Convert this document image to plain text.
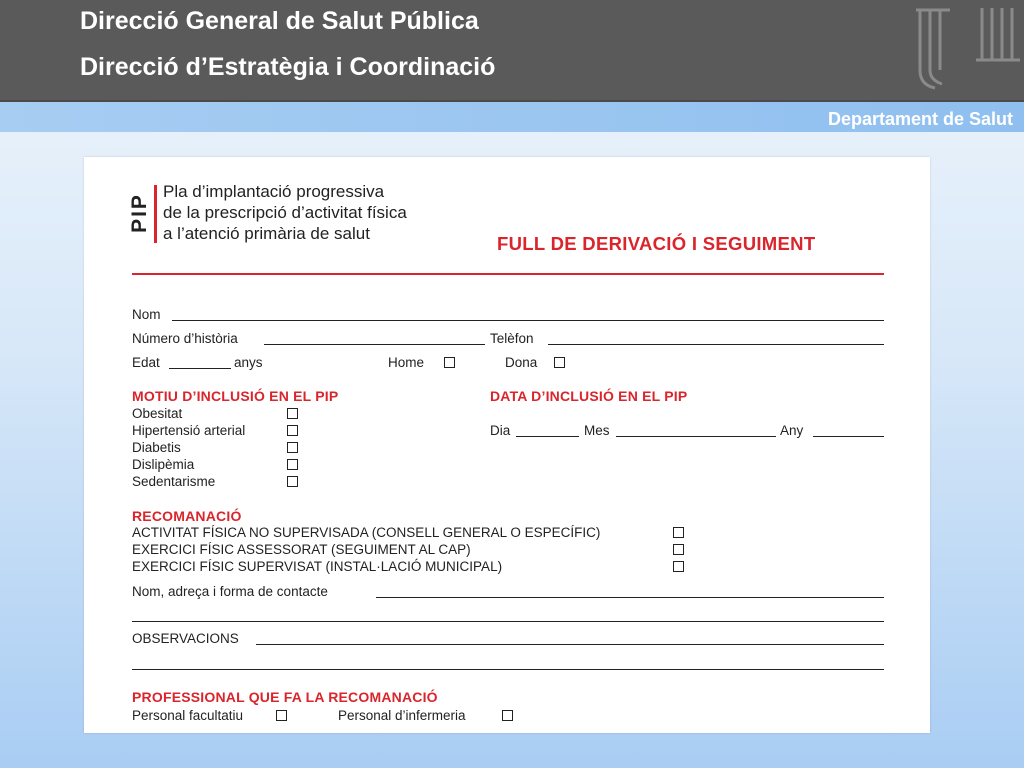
Direcció General de Salut Pública
Direcció d’Estratègia i Coordinació
Departament de Salut
PIP
Pla d’implantació progressiva
de la prescripció d’activitat física
a l’atenció primària de salut	FULL DE DERIVACIÓ I SEGUIMENT
Nom
Número d’història	Telèfon
Edat	anys	Home	Dona
MOTIU D’INCLUSIÓ EN EL PIP
Obesitat
Hipertensió arterial
Diabetis
Dislipèmia
Sedentarisme
DATA D’INCLUSIÓ EN EL PIP
Dia	Mes	Any
RECOMANACIÓ
ACTIVITAT FÍSICA NO SUPERVISADA (CONSELL GENERAL O ESPECÍFIC)
EXERCICI FÍSIC ASSESSORAT (SEGUIMENT AL CAP)
EXERCICI FÍSIC SUPERVISAT (INSTAL·LACIÓ MUNICIPAL)
Nom, adreça i forma de contacte
OBSERVACIONS
PROFESSIONAL QUE FA LA RECOMANACIÓ
Personal facultatiu	Personal d’infermeria
